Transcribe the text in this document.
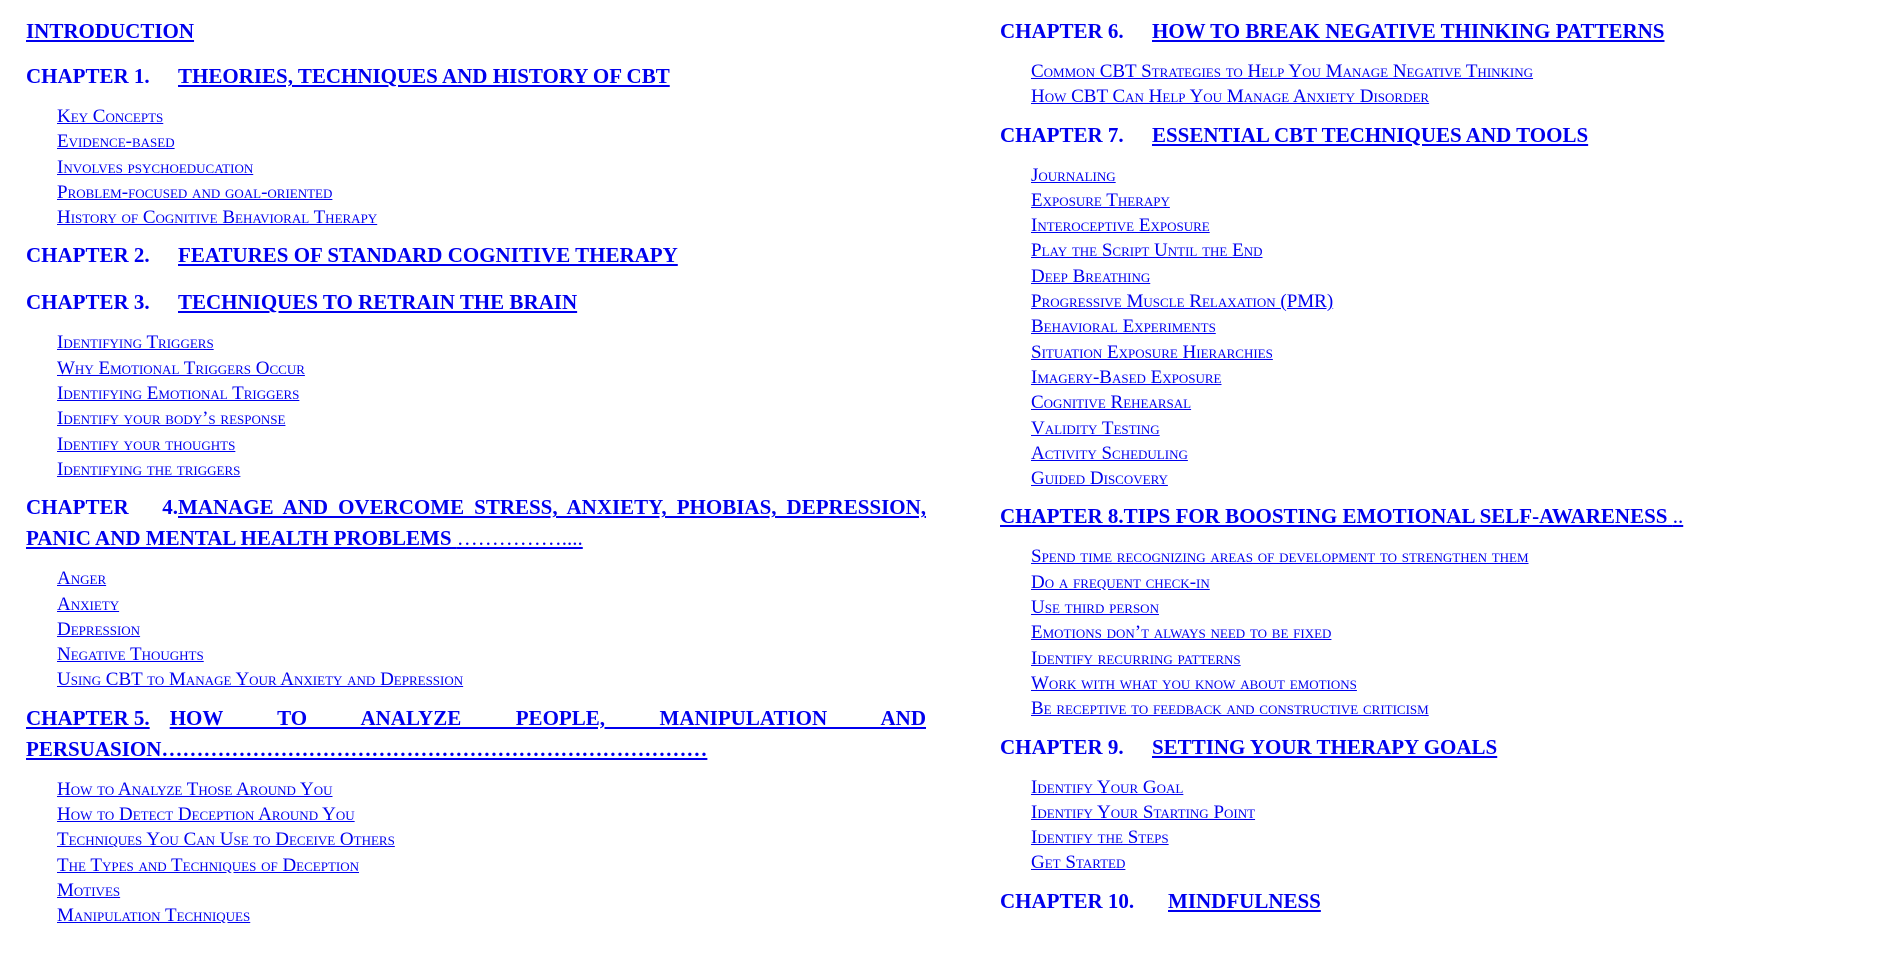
INTRODUCTION
CHAPTER 1. THEORIES, TECHNIQUES AND HISTORY OF CBT
Key Concepts
Evidence-based
Involves psychoeducation
Problem-focused and goal-oriented
History of Cognitive Behavioral Therapy
CHAPTER 2. FEATURES OF STANDARD COGNITIVE THERAPY
CHAPTER 3. TECHNIQUES TO RETRAIN THE BRAIN
Identifying Triggers
Why Emotional Triggers Occur
Identifying Emotional Triggers
Identify your body’s response
Identify your thoughts
Identifying the triggers
CHAPTER 4.MANAGE AND OVERCOME STRESS, ANXIETY, PHOBIAS, DEPRESSION,
PANIC AND MENTAL HEALTH PROBLEMS ……………....
Anger
Anxiety
Depression
Negative Thoughts
Using CBT to Manage Your Anxiety and Depression
CHAPTER 5. HOW TO ANALYZE PEOPLE, MANIPULATION AND
PERSUASION……………………………………………………………………
How to Analyze Those Around You
How to Detect Deception Around You
Techniques You Can Use to Deceive Others
The Types and Techniques of Deception
Motives
Manipulation Techniques
CHAPTER 6. HOW TO BREAK NEGATIVE THINKING PATTERNS
Common CBT Strategies to Help You Manage Negative Thinking
How CBT Can Help You Manage Anxiety Disorder
CHAPTER 7. ESSENTIAL CBT TECHNIQUES AND TOOLS
Journaling
Exposure Therapy
Interoceptive Exposure
Play the Script Until the End
Deep Breathing
Progressive Muscle Relaxation (PMR)
Behavioral Experiments
Situation Exposure Hierarchies
Imagery-Based Exposure
Cognitive Rehearsal
Validity Testing
Activity Scheduling
Guided Discovery
CHAPTER 8.TIPS FOR BOOSTING EMOTIONAL SELF-AWARENESS ..
Spend time recognizing areas of development to strengthen them
Do a frequent check-in
Use third person
Emotions don’t always need to be fixed
Identify recurring patterns
Work with what you know about emotions
Be receptive to feedback and constructive criticism
CHAPTER 9. SETTING YOUR THERAPY GOALS
Identify Your Goal
Identify Your Starting Point
Identify the Steps
Get Started
CHAPTER 10. MINDFULNESS
